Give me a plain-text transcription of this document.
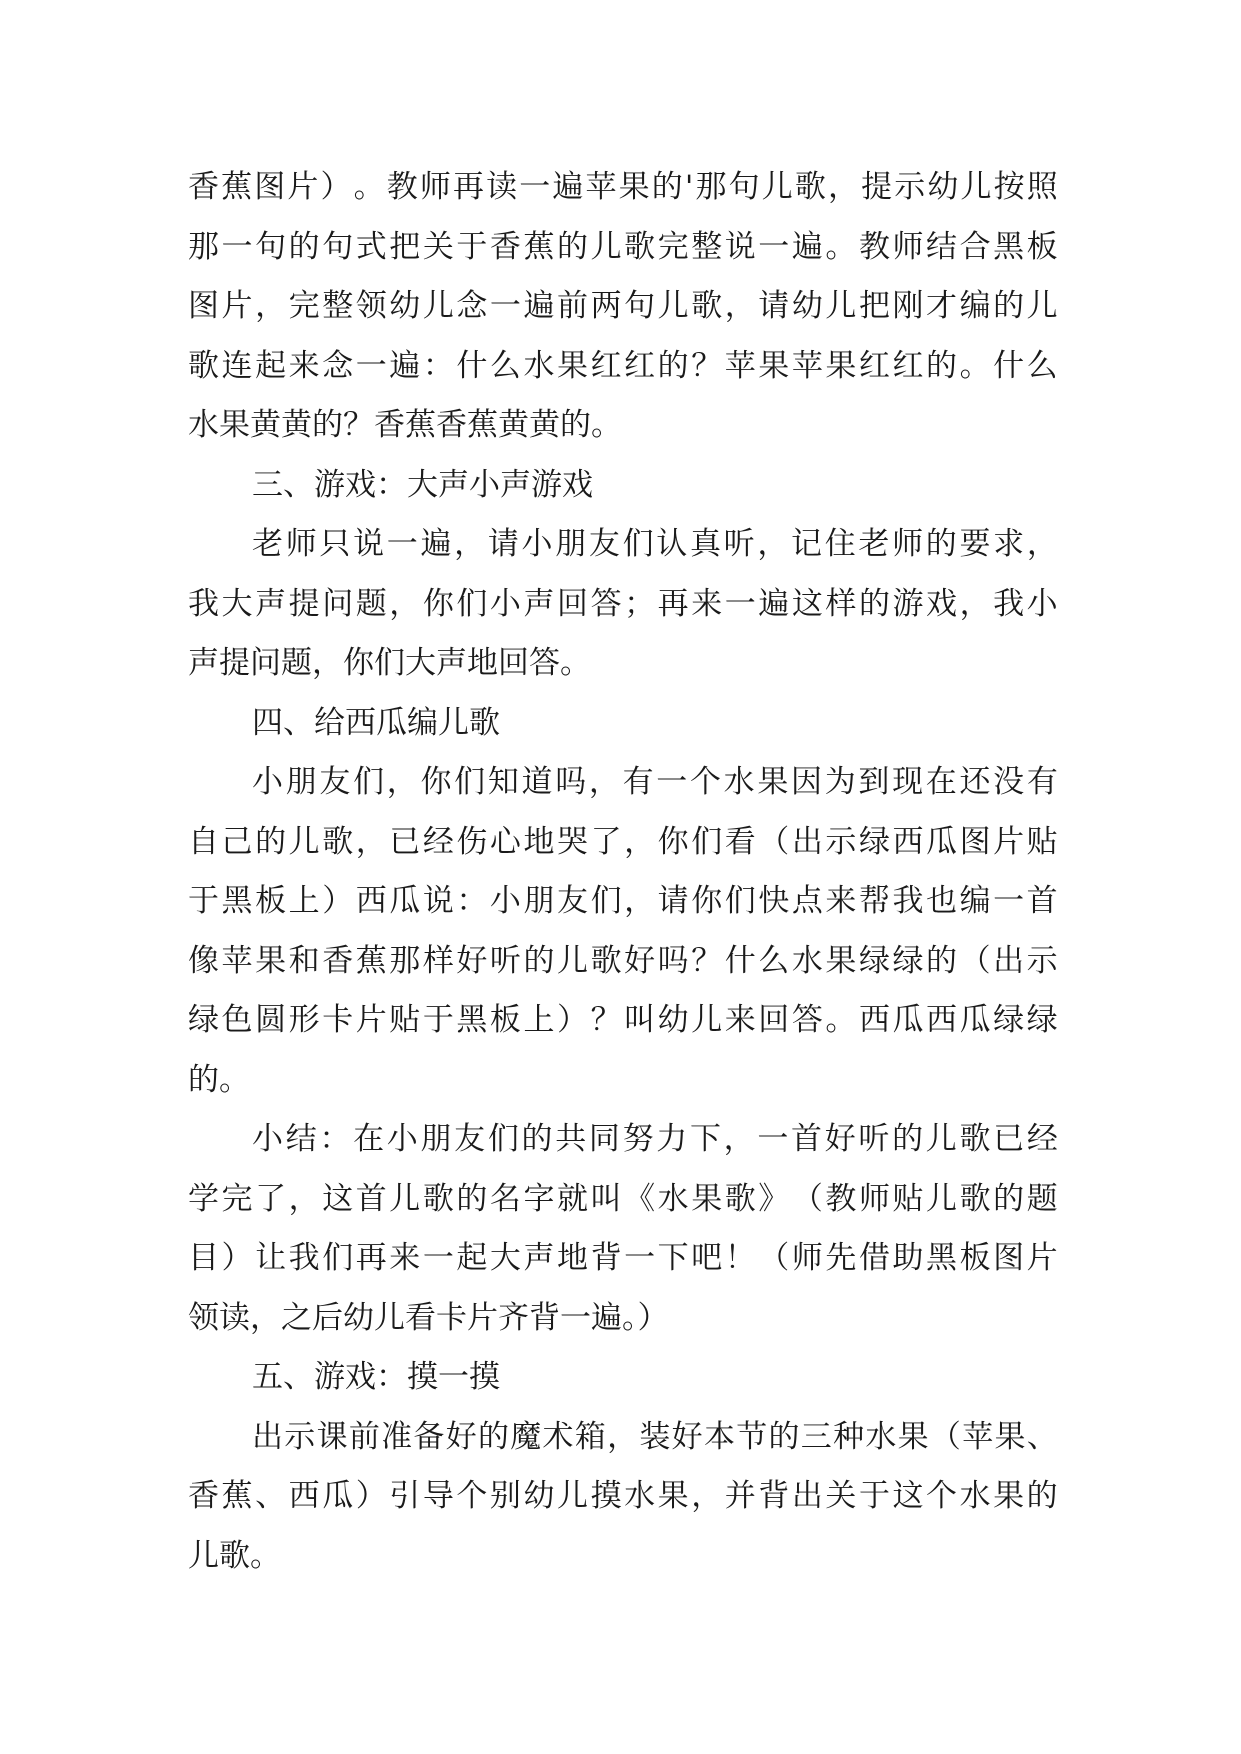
香 蕉 图 片 ） 。 教 师 再 读 一 遍 苹 果 的 ' 那 句 儿 歌 ， 提 示 幼 儿 按 照
那 一 句 的 句 式 把 关 于 香 蕉 的 儿 歌 完 整 说 一 遍 。 教 师 结 合 黑 板
图 片 ， 完 整 领 幼 儿 念 一 遍 前 两 句 儿 歌 ， 请 幼 儿 把 刚 才 编 的 儿
歌 连 起 来 念 一 遍 ： 什 么 水 果 红 红 的 ？ 苹 果 苹 果 红 红 的 。 什 么
水果黄黄的？香蕉香蕉黄黄的。
三、游戏：大声小声游戏
老 师 只 说 一 遍 ， 请 小 朋 友 们 认 真 听 ， 记 住 老 师 的 要 求 ，
我 大 声 提 问 题 ， 你 们 小 声 回 答 ； 再 来 一 遍 这 样 的 游 戏 ， 我 小
声提问题，你们大声地回答。
四、给西瓜编儿歌
小 朋 友 们 ， 你 们 知 道 吗 ， 有 一 个 水 果 因 为 到 现 在 还 没 有
自 己 的 儿 歌 ， 已 经 伤 心 地 哭 了 ， 你 们 看 （ 出 示 绿 西 瓜 图 片 贴
于 黑 板 上 ） 西 瓜 说 ： 小 朋 友 们 ， 请 你 们 快 点 来 帮 我 也 编 一 首
像 苹 果 和 香 蕉 那 样 好 听 的 儿 歌 好 吗 ？ 什 么 水 果 绿 绿 的 （ 出 示
绿 色 圆 形 卡 片 贴 于 黑 板 上 ） ？ 叫 幼 儿 来 回 答 。 西 瓜 西 瓜 绿 绿
的。
小 结 ： 在 小 朋 友 们 的 共 同 努 力 下 ， 一 首 好 听 的 儿 歌 已 经
学 完 了 ， 这 首 儿 歌 的 名 字 就 叫 《 水 果 歌 》 （ 教 师 贴 儿 歌 的 题
目 ） 让 我 们 再 来 一 起 大 声 地 背 一 下 吧 ！ （ 师 先 借 助 黑 板 图 片
领读，之后幼儿看卡片齐背一遍。）
五、游戏：摸一摸
出 示 课 前 准 备 好 的 魔 术 箱 ， 装 好 本 节 的 三 种 水 果 （ 苹 果 、
香 蕉 、 西 瓜 ） 引 导 个 别 幼 儿 摸 水 果 ， 并 背 出 关 于 这 个 水 果 的
儿歌。
